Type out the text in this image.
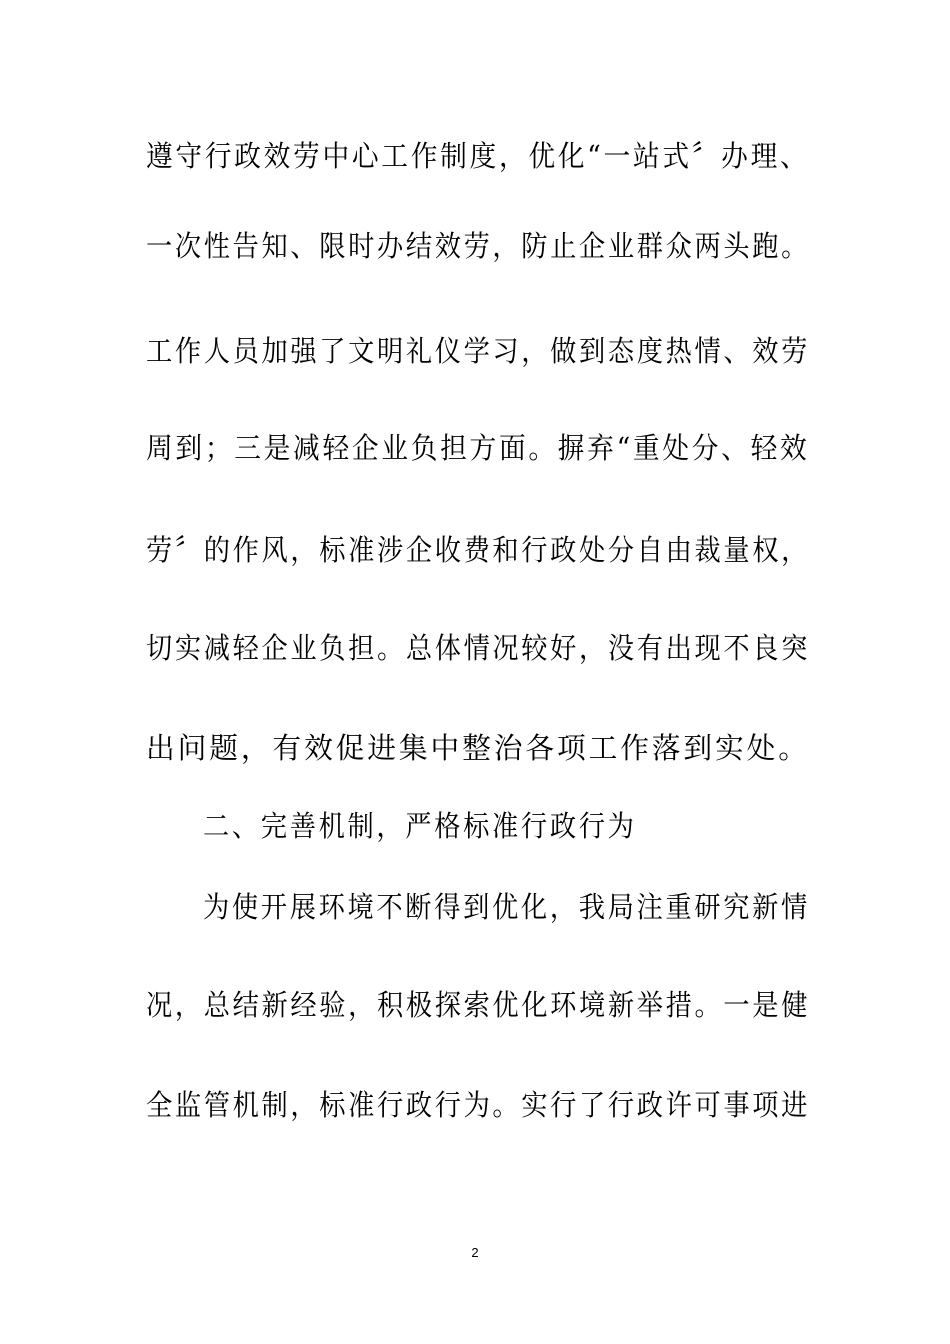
遵守行政效劳中心工作制度，优化“一站式〞办理、
一次性告知、限时办结效劳，防止企业群众两头跑。
工作人员加强了文明礼仪学习，做到态度热情、效劳
周到；三是减轻企业负担方面。摒弃“重处分、轻效
劳〞的作风，标准涉企收费和行政处分自由裁量权，
切实减轻企业负担。总体情况较好，没有出现不良突
出问题，有效促进集中整治各项工作落到实处。
二、完善机制，严格标准行政行为
为使开展环境不断得到优化，我局注重研究新情
况，总结新经验，积极探索优化环境新举措。一是健
全监管机制，标准行政行为。实行了行政许可事项进
2
